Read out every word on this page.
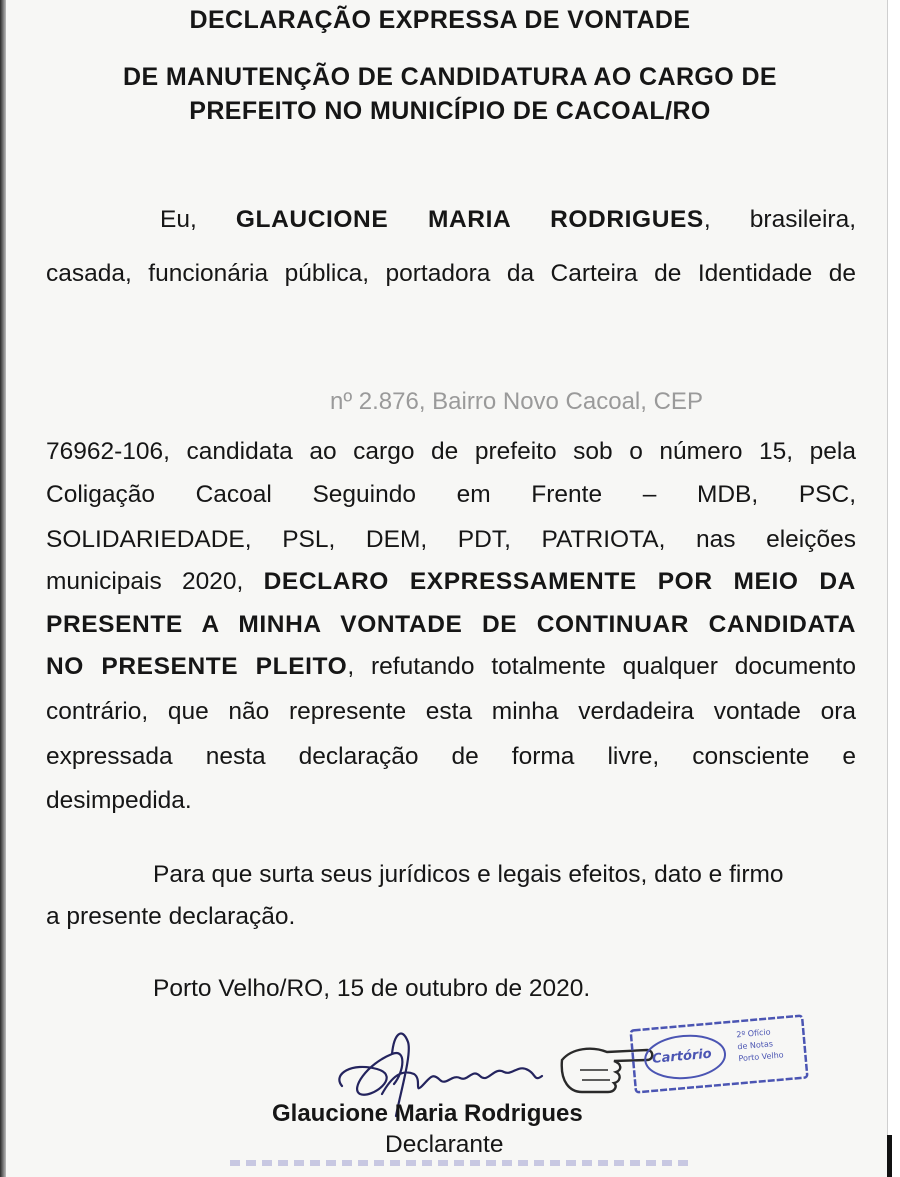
DECLARAÇÃO EXPRESSA DE VONTADE
DE MANUTENÇÃO DE CANDIDATURA AO CARGO DE
PREFEITO NO MUNICÍPIO DE CACOAL/RO
Eu, GLAUCIONE MARIA RODRIGUES, brasileira,
casada, funcionária pública, portadora da Carteira de Identidade de
nº 2.876, Bairro Novo Cacoal, CEP
76962-106, candidata ao cargo de prefeito sob o número 15, pela
Coligação Cacoal Seguindo em Frente – MDB, PSC,
SOLIDARIEDADE, PSL, DEM, PDT, PATRIOTA, nas eleições
municipais 2020, DECLARO EXPRESSAMENTE POR MEIO DA
PRESENTE A MINHA VONTADE DE CONTINUAR CANDIDATA
NO PRESENTE PLEITO, refutando totalmente qualquer documento
contrário, que não represente esta minha verdadeira vontade ora
expressada nesta declaração de forma livre, consciente e
desimpedida.
Para que surta seus jurídicos e legais efeitos, dato e firmo
a presente declaração.
Porto Velho/RO, 15 de outubro de 2020.
Cartório
2º Ofício
de Notas
Porto Velho
Glaucione Maria Rodrigues
Declarante
